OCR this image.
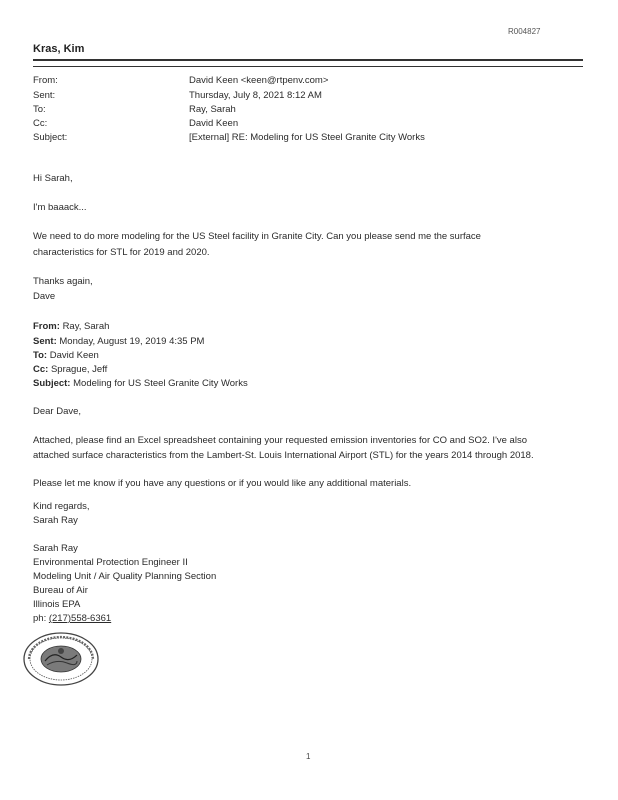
R004827
Kras, Kim
From:	David Keen <keen@rtpenv.com>
Sent:	Thursday, July 8, 2021 8:12 AM
To:	Ray, Sarah
Cc:	David Keen
Subject:	[External] RE: Modeling for US Steel Granite City Works
Hi Sarah,
I'm baaack...
We need to do more modeling for the US Steel facility in Granite City. Can you please send me the surface
characteristics for STL for 2019 and 2020.
Thanks again,
Dave
From: Ray, Sarah
Sent: Monday, August 19, 2019 4:35 PM
To: David Keen
Cc: Sprague, Jeff
Subject: Modeling for US Steel Granite City Works
Dear Dave,
Attached, please find an Excel spreadsheet containing your requested emission inventories for CO and SO2. I've also
attached surface characteristics from the Lambert-St. Louis International Airport (STL) for the years 2014 through 2018.
Please let me know if you have any questions or if you would like any additional materials.
Kind regards,
Sarah Ray
Sarah Ray
Environmental Protection Engineer II
Modeling Unit / Air Quality Planning Section
Bureau of Air
Illinois EPA
ph: (217)558-6361
1
